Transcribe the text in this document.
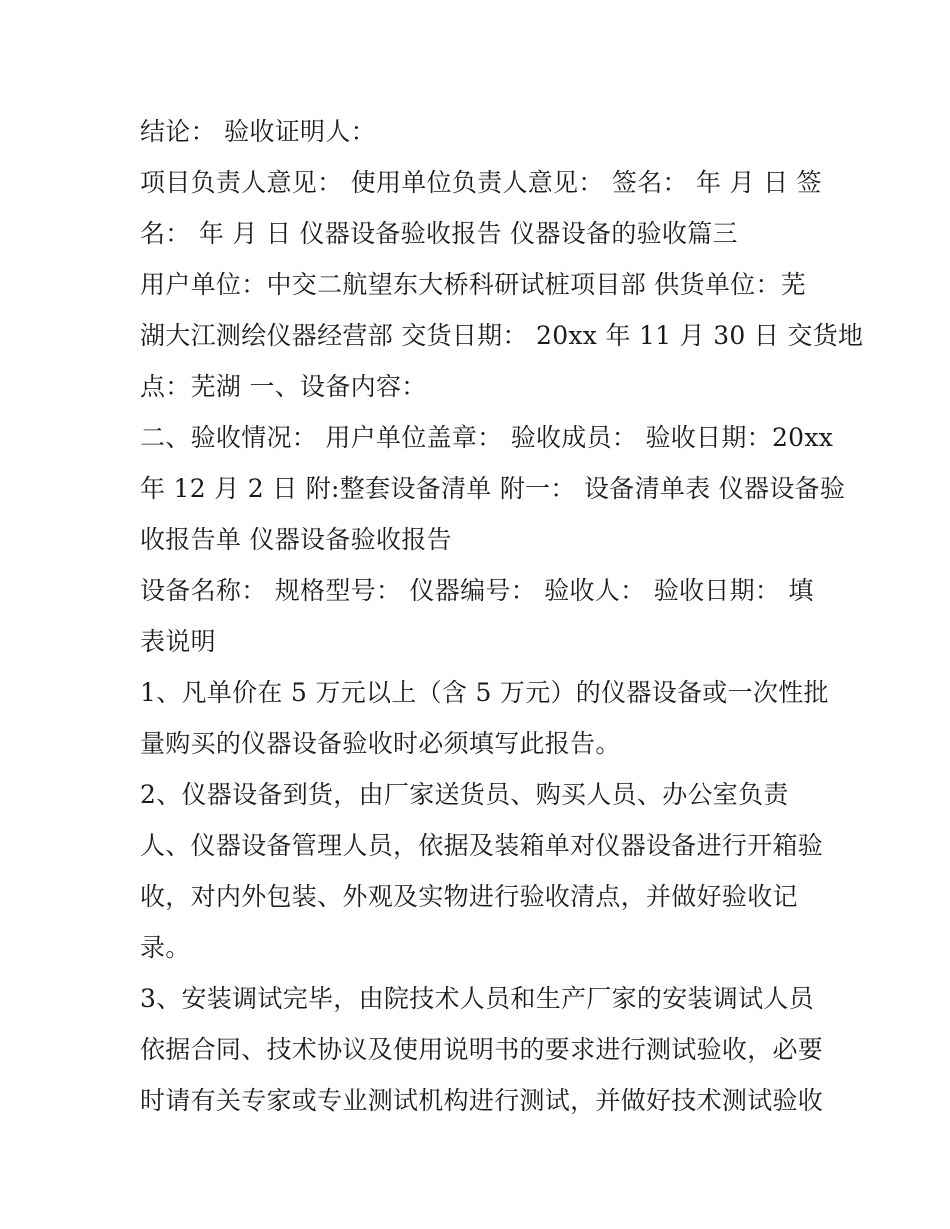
结论： 验收证明人：
项目负责人意见： 使用单位负责人意见： 签名： 年 月 日 签
名： 年 月 日 仪器设备验收报告 仪器设备的验收篇三
用户单位：中交二航望东大桥科研试桩项目部 供货单位：芜
湖大江测绘仪器经营部 交货日期： 20xx 年 11 月 30 日 交货地
点：芜湖 一、设备内容：
二、验收情况： 用户单位盖章： 验收成员： 验收日期：20xx
年 12 月 2 日 附:整套设备清单 附一： 设备清单表 仪器设备验
收报告单 仪器设备验收报告
设备名称： 规格型号： 仪器编号： 验收人： 验收日期： 填
表说明
1、凡单价在 5 万元以上（含 5 万元）的仪器设备或一次性批
量购买的仪器设备验收时必须填写此报告。
2、仪器设备到货，由厂家送货员、购买人员、办公室负责
人、仪器设备管理人员，依据及装箱单对仪器设备进行开箱验
收，对内外包装、外观及实物进行验收清点，并做好验收记
录。
3、安装调试完毕，由院技术人员和生产厂家的安装调试人员
依据合同、技术协议及使用说明书的要求进行测试验收，必要
时请有关专家或专业测试机构进行测试，并做好技术测试验收
